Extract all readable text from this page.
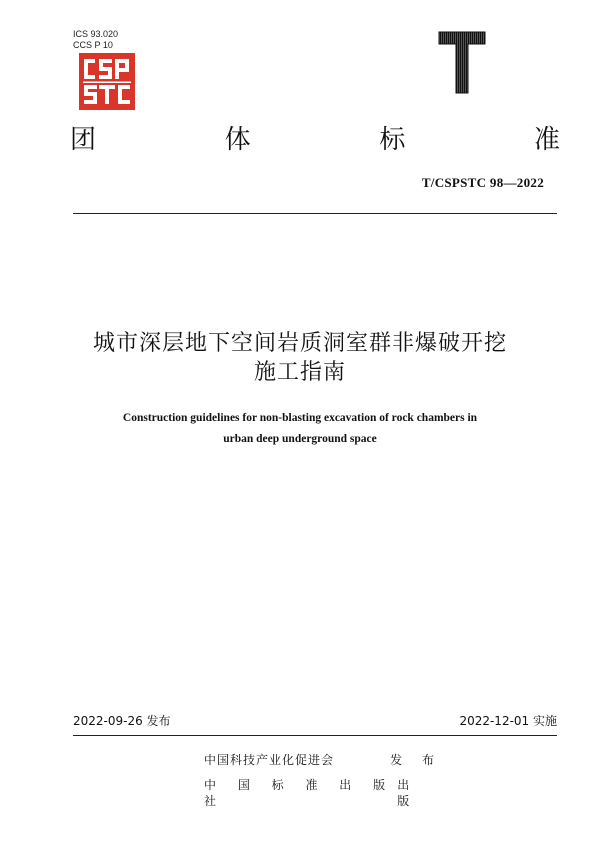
ICS 93.020
CCS P 10
团	体	标	准
T/CSPSTC 98—2022
城市深层地下空间岩质洞室群非爆破开挖
施工指南
Construction guidelines for non-blasting excavation of rock chambers in
urban deep underground space
2022-09-26 发布	2022-12-01 实施
中国科技产业化促进会	发 布
中 国 标 准 出 版 社
出 版
